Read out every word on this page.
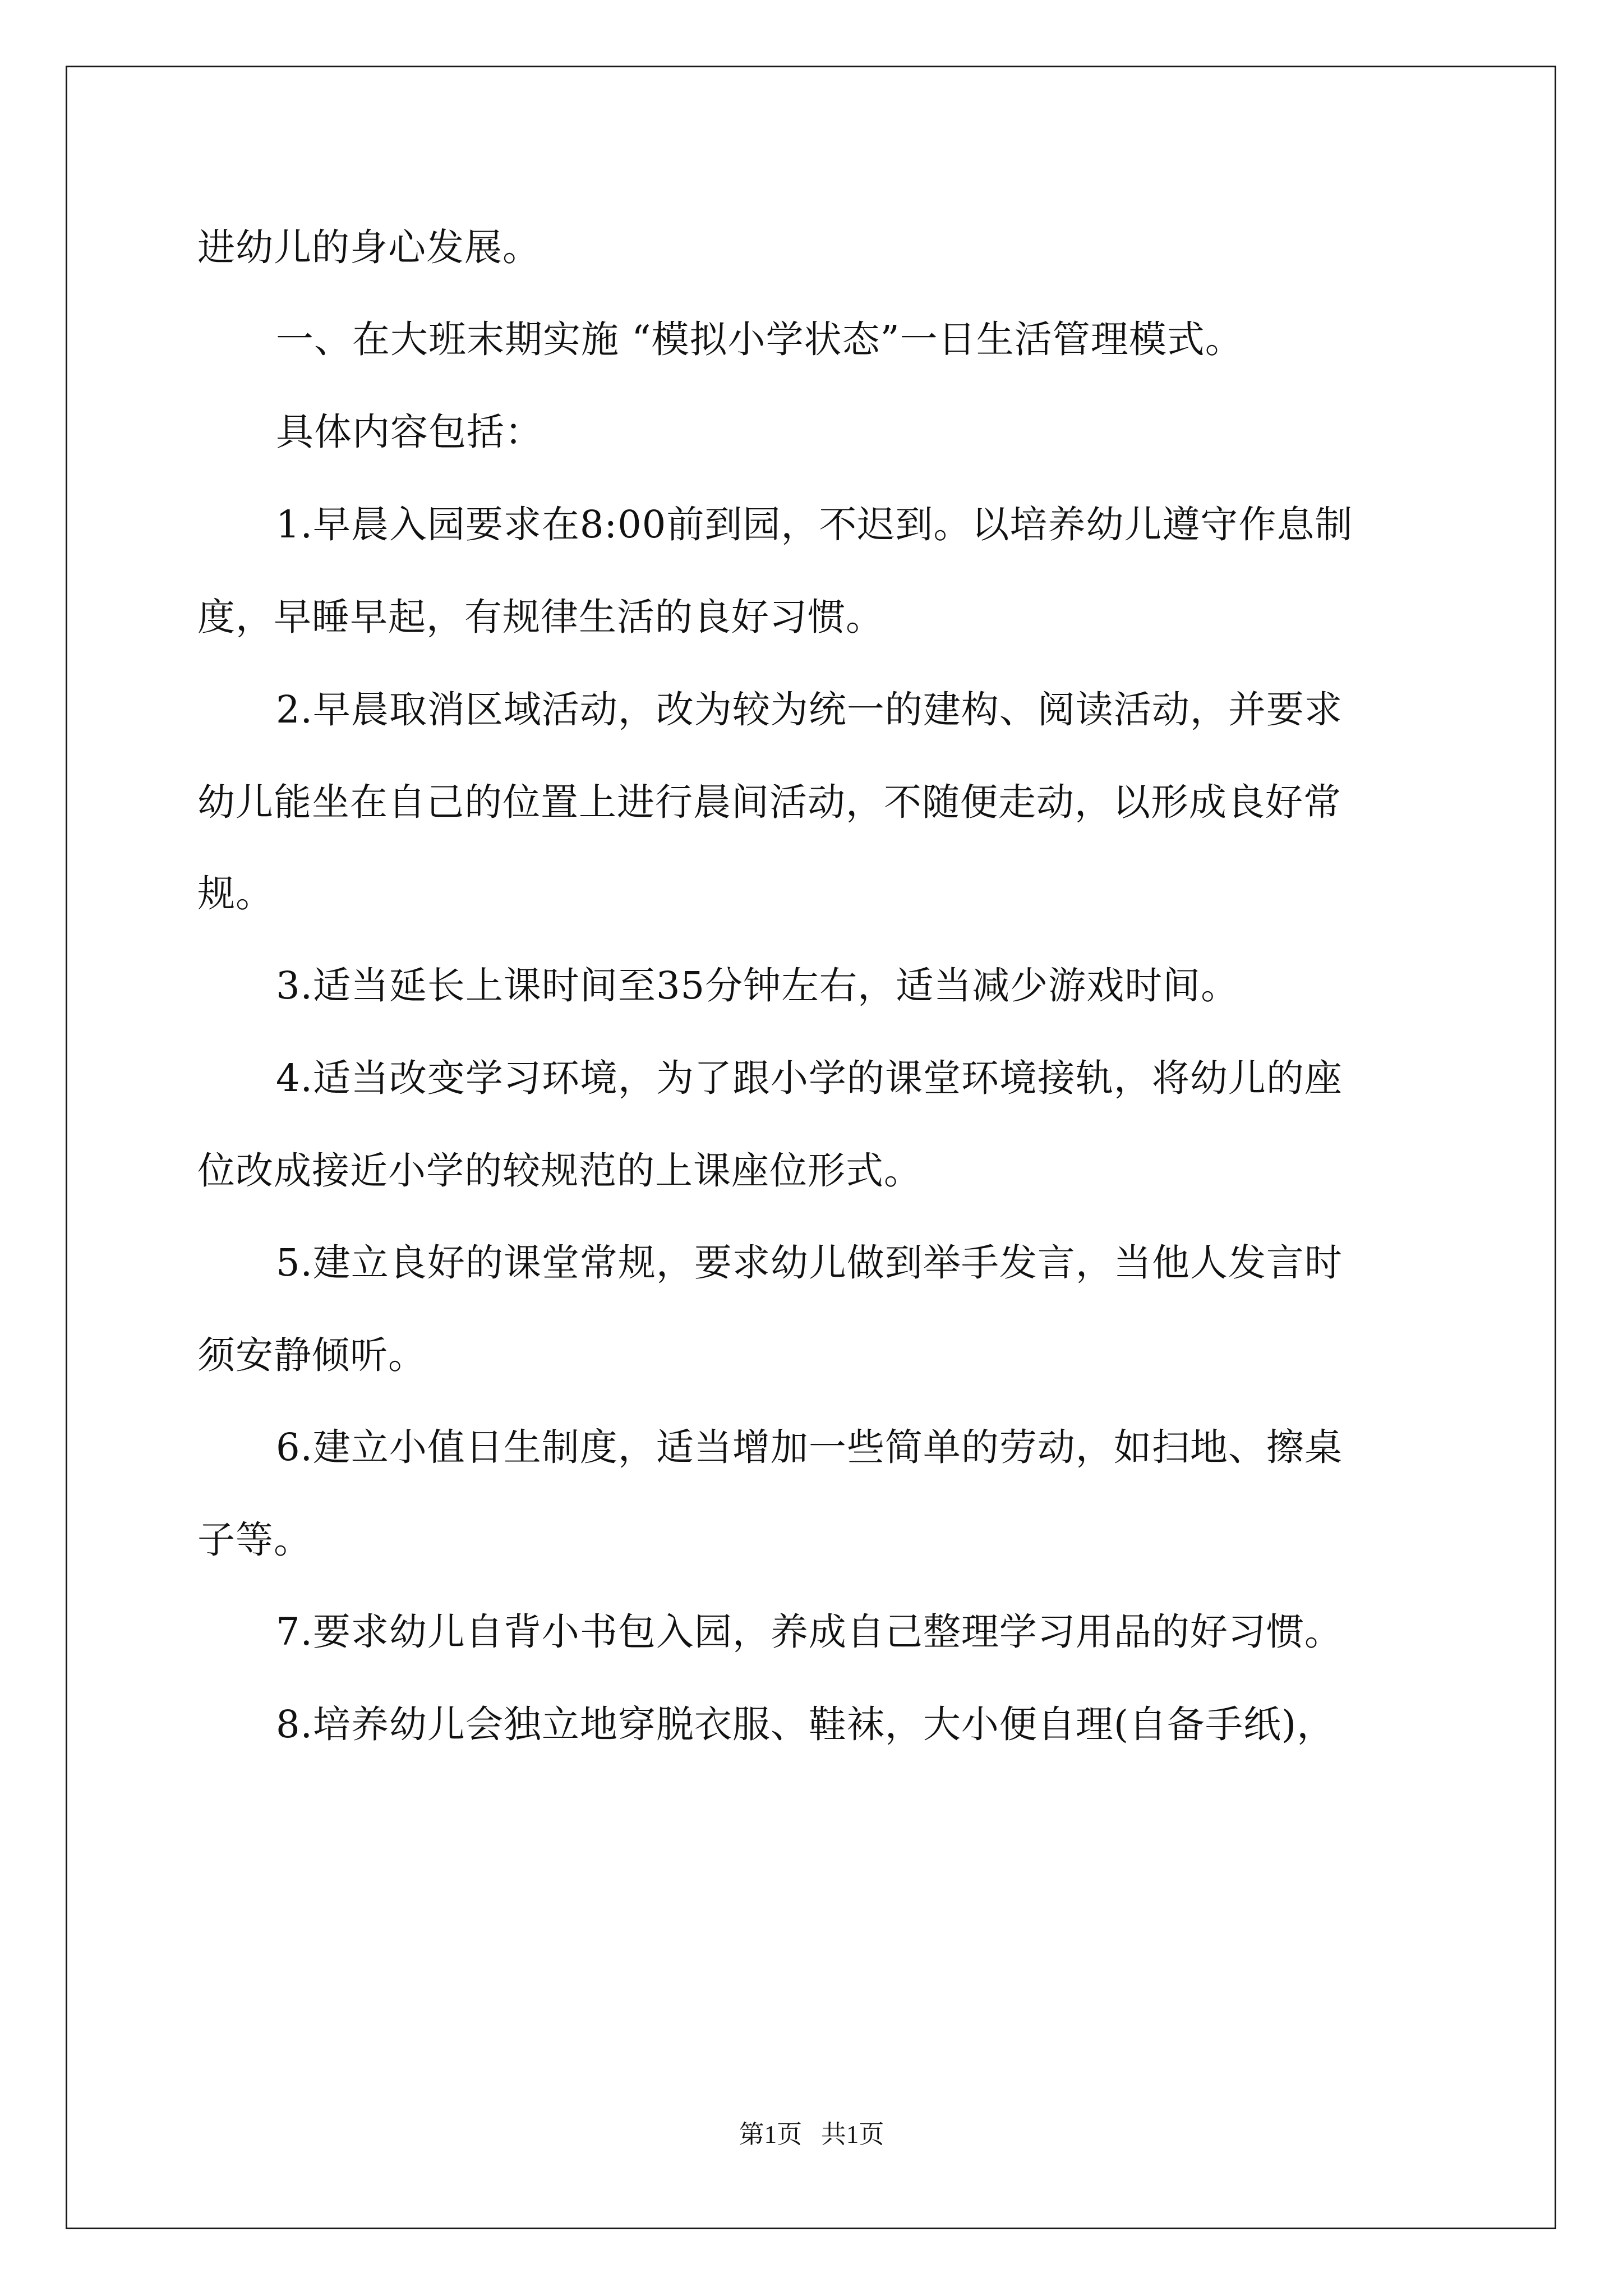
进幼儿的身心发展。
一、在大班末期实施 “模拟小学状态”一日生活管理模式。
具体内容包括：
1.早晨入园要求在8:00前到园，不迟到。以培养幼儿遵守作息制
度，早睡早起，有规律生活的良好习惯。
2.早晨取消区域活动，改为较为统一的建构、阅读活动，并要求
幼儿能坐在自己的位置上进行晨间活动，不随便走动，以形成良好常
规。
3.适当延长上课时间至35分钟左右，适当减少游戏时间。
4.适当改变学习环境，为了跟小学的课堂环境接轨，将幼儿的座
位改成接近小学的较规范的上课座位形式。
5.建立良好的课堂常规，要求幼儿做到举手发言，当他人发言时
须安静倾听。
6.建立小值日生制度，适当增加一些简单的劳动，如扫地、擦桌
子等。
7.要求幼儿自背小书包入园，养成自己整理学习用品的好习惯。
8.培养幼儿会独立地穿脱衣服、鞋袜，大小便自理(自备手纸)，
第1页   共1页
